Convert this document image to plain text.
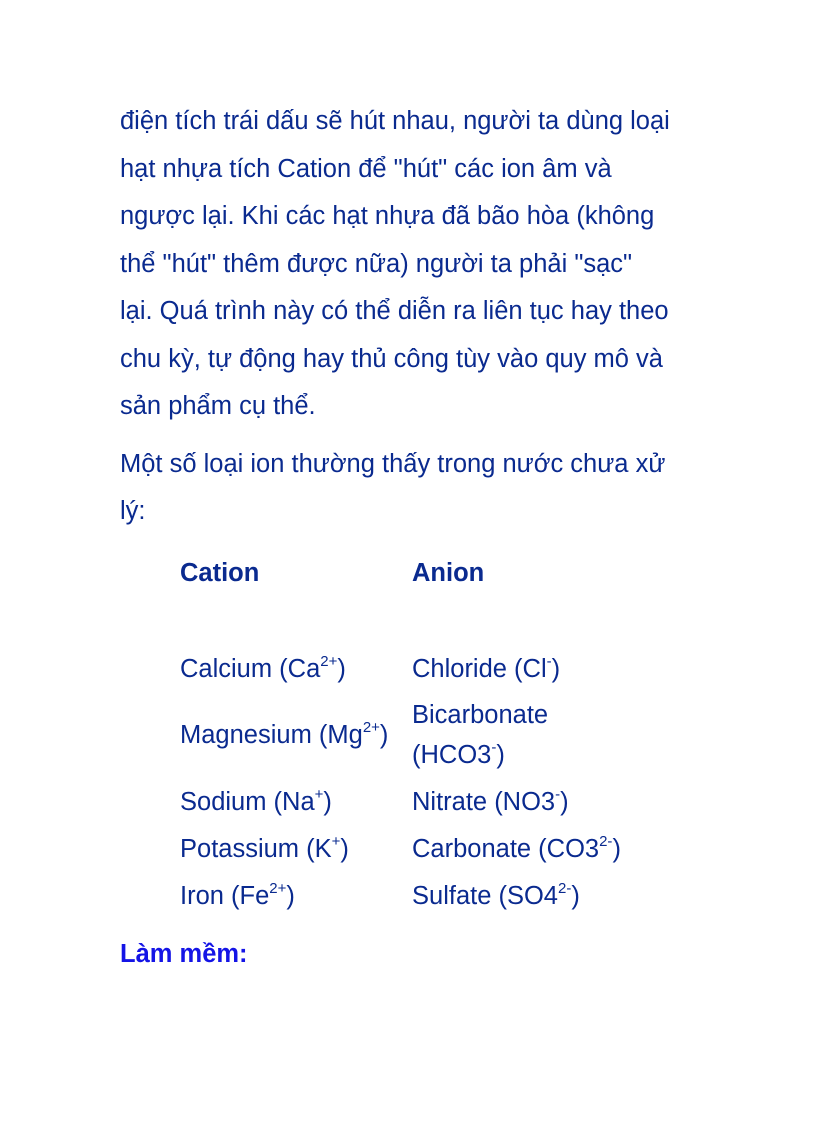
điện tích trái dấu sẽ hút nhau, người ta dùng loại
hạt nhựa tích Cation để "hút" các ion âm và
ngược lại. Khi các hạt nhựa đã bão hòa (không
thể "hút" thêm được nữa) người ta phải "sạc"
lại. Quá trình này có thể diễn ra liên tục hay theo
chu kỳ, tự động hay thủ công tùy vào quy mô và
sản phẩm cụ thể.

Một số loại ion thường thấy trong nước chưa xử
lý:

Cation	Anion

Calcium $(Ca^{2+})$	Chloride (Cl-)
Magnesium $(Mg^{2+})$	Bicarbonate (HCO3-)
Sodium (Na+)	Nitrate (NO3-)
Potassium (K+)	Carbonate $(CO3^{2-})$
Iron $(Fe^{2+})$	Sulfate $(SO4^{2-})$
Làm mềm:
